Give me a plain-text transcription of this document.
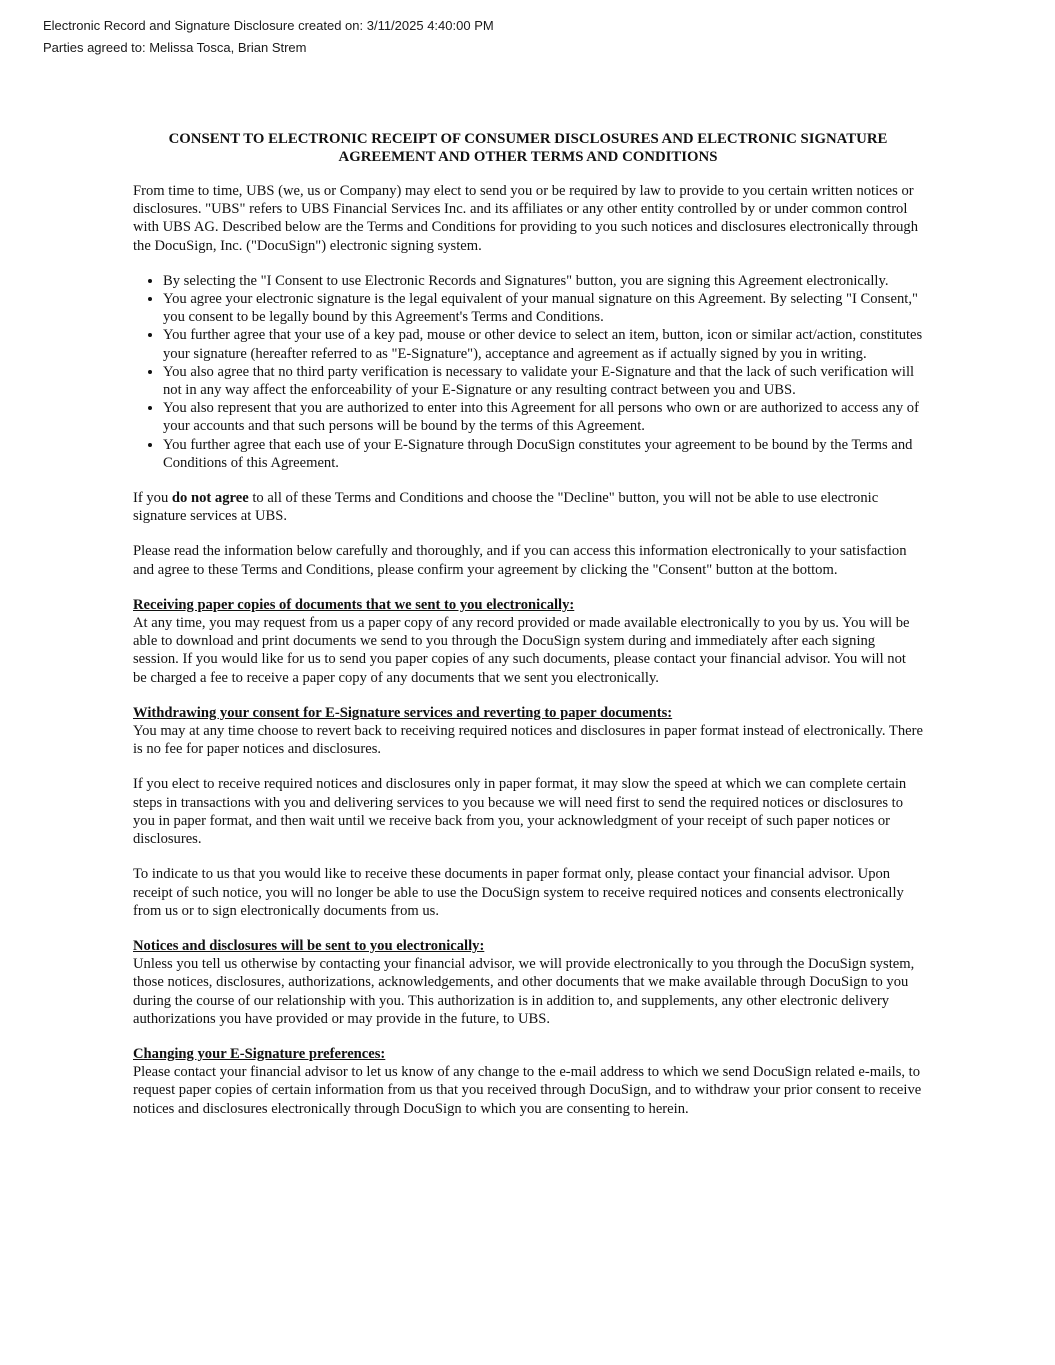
Electronic Record and Signature Disclosure created on: 3/11/2025 4:40:00 PM
Parties agreed to: Melissa Tosca, Brian Strem
CONSENT TO ELECTRONIC RECEIPT OF CONSUMER DISCLOSURES AND ELECTRONIC SIGNATURE AGREEMENT AND OTHER TERMS AND CONDITIONS

From time to time, UBS (we, us or Company) may elect to send you or be required by law to provide to you certain written notices or disclosures. "UBS" refers to UBS Financial Services Inc. and its affiliates or any other entity controlled by or under common control with UBS AG. Described below are the Terms and Conditions for providing to you such notices and disclosures electronically through the DocuSign, Inc. ("DocuSign") electronic signing system.

• By selecting the "I Consent to use Electronic Records and Signatures" button, you are signing this Agreement electronically.
• You agree your electronic signature is the legal equivalent of your manual signature on this Agreement. By selecting "I Consent," you consent to be legally bound by this Agreement's Terms and Conditions.
• You further agree that your use of a key pad, mouse or other device to select an item, button, icon or similar act/action, constitutes your signature (hereafter referred to as "E-Signature"), acceptance and agreement as if actually signed by you in writing.
• You also agree that no third party verification is necessary to validate your E-Signature and that the lack of such verification will not in any way affect the enforceability of your E-Signature or any resulting contract between you and UBS.
• You also represent that you are authorized to enter into this Agreement for all persons who own or are authorized to access any of your accounts and that such persons will be bound by the terms of this Agreement.
• You further agree that each use of your E-Signature through DocuSign constitutes your agreement to be bound by the Terms and Conditions of this Agreement.

If you do not agree to all of these Terms and Conditions and choose the "Decline" button, you will not be able to use electronic signature services at UBS.

Please read the information below carefully and thoroughly, and if you can access this information electronically to your satisfaction and agree to these Terms and Conditions, please confirm your agreement by clicking the "Consent" button at the bottom.

Receiving paper copies of documents that we sent to you electronically:

At any time, you may request from us a paper copy of any record provided or made available electronically to you by us. You will be able to download and print documents we send to you through the DocuSign system during and immediately after each signing session. If you would like for us to send you paper copies of any such documents, please contact your financial advisor. You will not be charged a fee to receive a paper copy of any documents that we sent you electronically.

Withdrawing your consent for E-Signature services and reverting to paper documents:

You may at any time choose to revert back to receiving required notices and disclosures in paper format instead of electronically. There is no fee for paper notices and disclosures.

If you elect to receive required notices and disclosures only in paper format, it may slow the speed at which we can complete certain steps in transactions with you and delivering services to you because we will need first to send the required notices or disclosures to you in paper format, and then wait until we receive back from you, your acknowledgment of your receipt of such paper notices or disclosures.

To indicate to us that you would like to receive these documents in paper format only, please contact your financial advisor. Upon receipt of such notice, you will no longer be able to use the DocuSign system to receive required notices and consents electronically from us or to sign electronically documents from us.

Notices and disclosures will be sent to you electronically:

Unless you tell us otherwise by contacting your financial advisor, we will provide electronically to you through the DocuSign system, those notices, disclosures, authorizations, acknowledgements, and other documents that we make available through DocuSign to you during the course of our relationship with you. This authorization is in addition to, and supplements, any other electronic delivery authorizations you have provided or may provide in the future, to UBS.

Changing your E-Signature preferences:

Please contact your financial advisor to let us know of any change to the e-mail address to which we send DocuSign related e-mails, to request paper copies of certain information from us that you received through DocuSign, and to withdraw your prior consent to receive notices and disclosures electronically through DocuSign to which you are consenting to herein.
